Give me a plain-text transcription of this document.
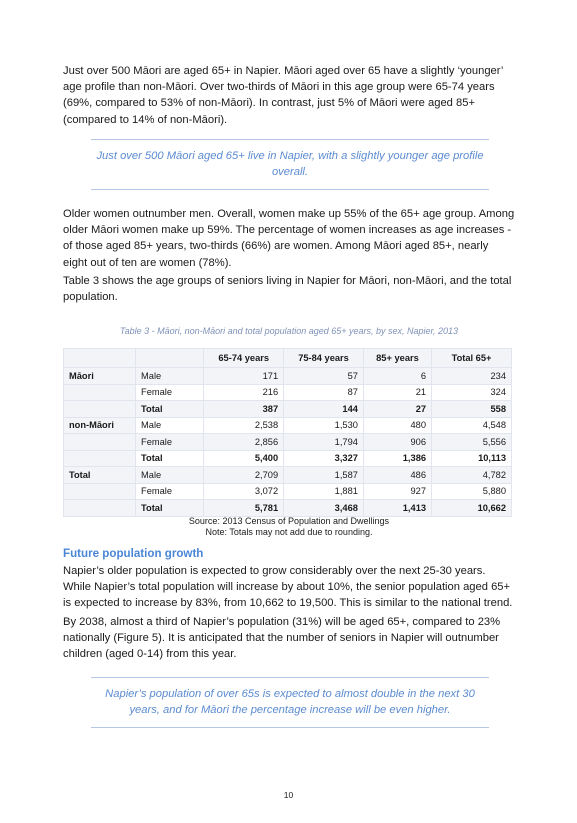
Just over 500 Māori are aged 65+ in Napier. Māori aged over 65 have a slightly ‘younger’ age profile than non-Māori. Over two-thirds of Māori in this age group were 65-74 years (69%, compared to 53% of non-Māori). In contrast, just 5% of Māori were aged 85+ (compared to 14% of non-Māori).

Just over 500 Māori aged 65+ live in Napier, with a slightly younger age profile overall.

Older women outnumber men. Overall, women make up 55% of the 65+ age group. Among older Māori women make up 59%. The percentage of women increases as age increases - of those aged 85+ years, two-thirds (66%) are women. Among Māori aged 85+, nearly eight out of ten are women (78%).

Table 3 shows the age groups of seniors living in Napier for Māori, non-Māori, and the total population.

Table 3 - Māori, non-Māori and total population aged 65+ years, by sex, Napier, 2013
		65-74 years	75-84 years	85+ years	Total 65+
Māori	Male	171	57	6	234
	Female	216	87	21	324
	Total	387	144	27	558
non-Māori	Male	2,538	1,530	480	4,548
	Female	2,856	1,794	906	5,556
	Total	5,400	3,327	1,386	10,113
Total	Male	2,709	1,587	486	4,782
	Female	3,072	1,881	927	5,880
	Total	5,781	3,468	1,413	10,662
Source: 2013 Census of Population and Dwellings
Note: Totals may not add due to rounding.
Future population growth

Napier’s older population is expected to grow considerably over the next 25-30 years. While Napier’s total population will increase by about 10%, the senior population aged 65+ is expected to increase by 83%, from 10,662 to 19,500. This is similar to the national trend.

By 2038, almost a third of Napier’s population (31%) will be aged 65+, compared to 23% nationally (Figure 5). It is anticipated that the number of seniors in Napier will outnumber children (aged 0-14) from this year.

Napier’s population of over 65s is expected to almost double in the next 30 years, and for Māori the percentage increase will be even higher.
10
